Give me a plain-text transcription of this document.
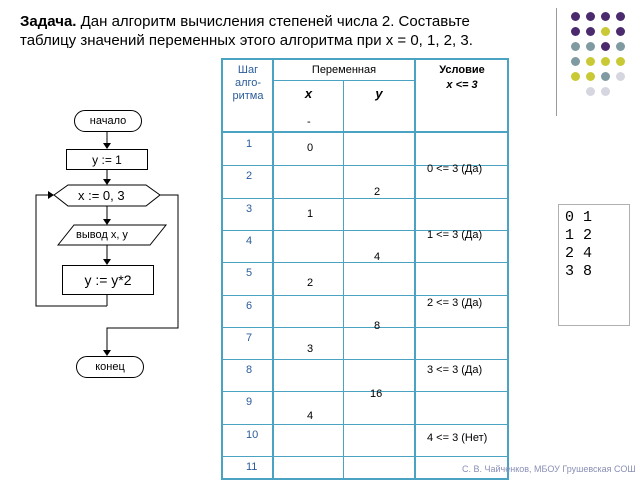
Задача. Дан алгоритм вычисления степеней числа 2. Составьте
таблицу значений переменных этого алгоритма при x = 0, 1, 2, 3.
начало
y := 1
x := 0, 3
вывод x, y
y := y*2
конец
Шаг алго-ритма
Переменная
x	y
Условие
x <= 3
-
1
2
3
4
5
6
7
8
9
10
11
0
1
2
3
4
2
4
8
16
0 <= 3 (Да)
1 <= 3 (Да)
2 <= 3 (Да)
3 <= 3 (Да)
4 <= 3 (Нет)
0 1
1 2
2 4
3 8
С. В. Чайченков, МБОУ Грушевская СОШ
